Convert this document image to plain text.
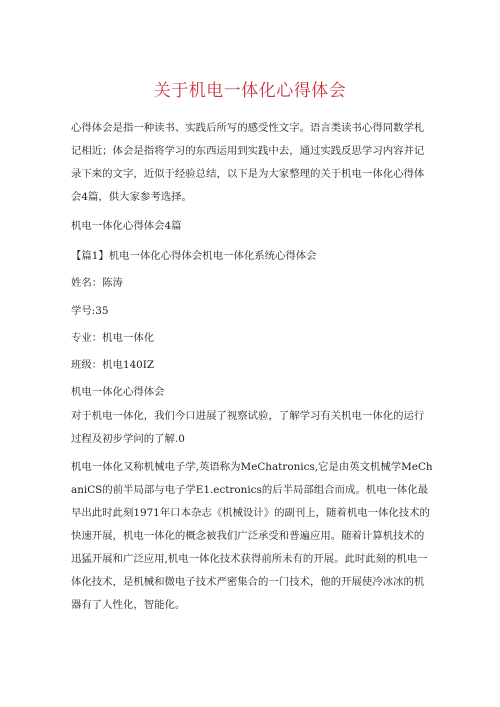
关于机电一体化心得体会
心得体会是指一种读书、实践后所写的感受性文字。语言类读书心得同数学札记相近；体会是指将学习的东西运用到实践中去，通过实践反思学习内容并记录下来的文字，近似于经验总结，以下是为大家整理的关于机电一体化心得体会4篇，供大家参考选择。
机电一体化心得体会4篇
【篇1】机电一体化心得体会机电一体化系统心得体会
姓名：陈涛
学号:35
专业：机电一体化
班级：机电140IZ
机电一体化心得体会
对于机电一体化，我们今口进展了视察试验，了解学习有关机电一体化的运行过程及初步学问的了解.0
机电一体化又称机械电子学,英语称为MeChatronics,它是由英文机械学MeChaniCS的前半局部与电子学E1.ectronics的后半局部组合而成。机电一体化最早出此时此刻1971年口本杂志《机械设计》的副刊上，随着机电一体化技术的快速开展，机电一体化的概念被我们广泛承受和普遍应用。随着计算机技术的迅猛开展和广泛应用,机电一体化技术获得前所未有的开展。此时此刻的机电一体化技术，是机械和微电子技术严密集合的一门技术，他的开展使冷冰冰的机器有了人性化，智能化。
